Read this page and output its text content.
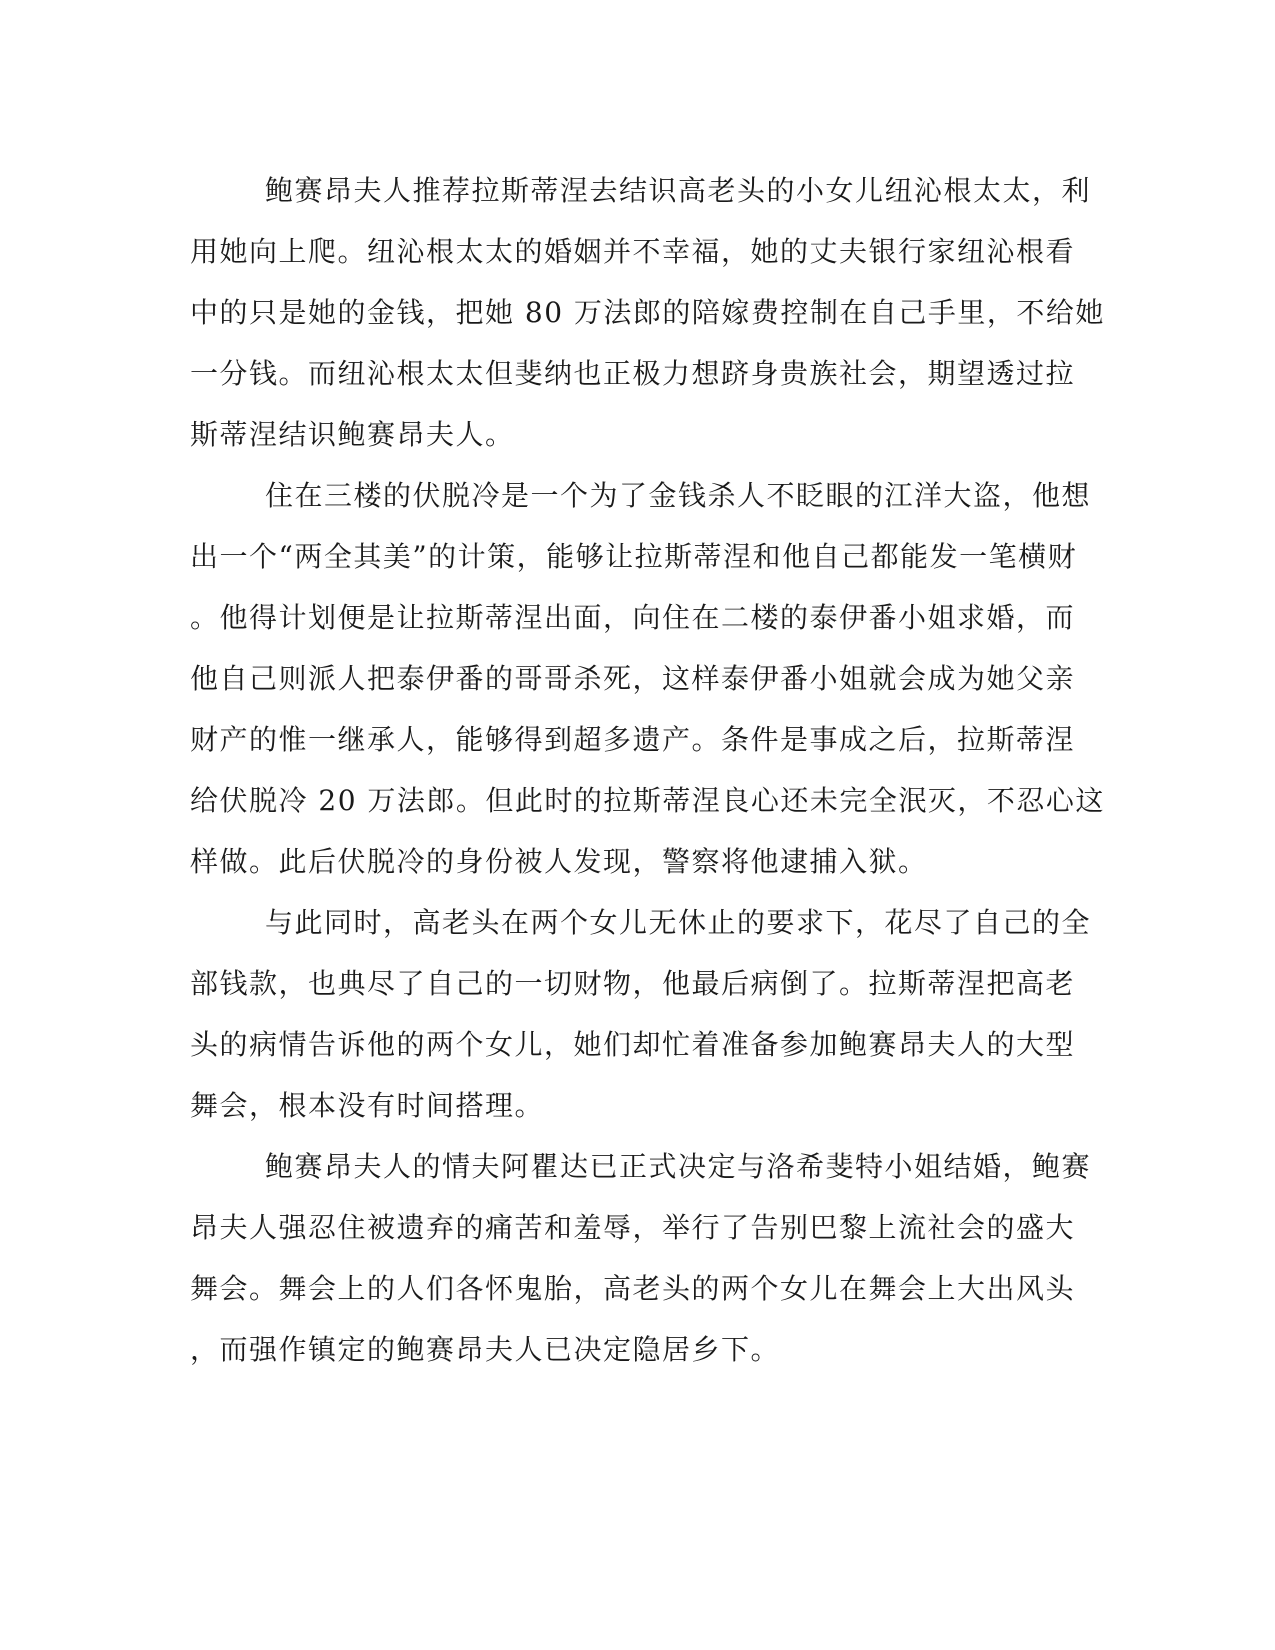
鲍赛昂夫人推荐拉斯蒂涅去结识高老头的小女儿纽沁根太太，利
用她向上爬。纽沁根太太的婚姻并不幸福，她的丈夫银行家纽沁根看
中的只是她的金钱，把她 80 万法郎的陪嫁费控制在自己手里，不给她
一分钱。而纽沁根太太但斐纳也正极力想跻身贵族社会，期望透过拉
斯蒂涅结识鲍赛昂夫人。
住在三楼的伏脱冷是一个为了金钱杀人不眨眼的江洋大盗，他想
出一个“两全其美”的计策，能够让拉斯蒂涅和他自己都能发一笔横财
。他得计划便是让拉斯蒂涅出面，向住在二楼的泰伊番小姐求婚，而
他自己则派人把泰伊番的哥哥杀死，这样泰伊番小姐就会成为她父亲
财产的惟一继承人，能够得到超多遗产。条件是事成之后，拉斯蒂涅
给伏脱冷 20 万法郎。但此时的拉斯蒂涅良心还未完全泯灭，不忍心这
样做。此后伏脱冷的身份被人发现，警察将他逮捕入狱。
与此同时，高老头在两个女儿无休止的要求下，花尽了自己的全
部钱款，也典尽了自己的一切财物，他最后病倒了。拉斯蒂涅把高老
头的病情告诉他的两个女儿，她们却忙着准备参加鲍赛昂夫人的大型
舞会，根本没有时间搭理。
鲍赛昂夫人的情夫阿瞿达已正式决定与洛希斐特小姐结婚，鲍赛
昂夫人强忍住被遗弃的痛苦和羞辱，举行了告别巴黎上流社会的盛大
舞会。舞会上的人们各怀鬼胎，高老头的两个女儿在舞会上大出风头
，而强作镇定的鲍赛昂夫人已决定隐居乡下。
